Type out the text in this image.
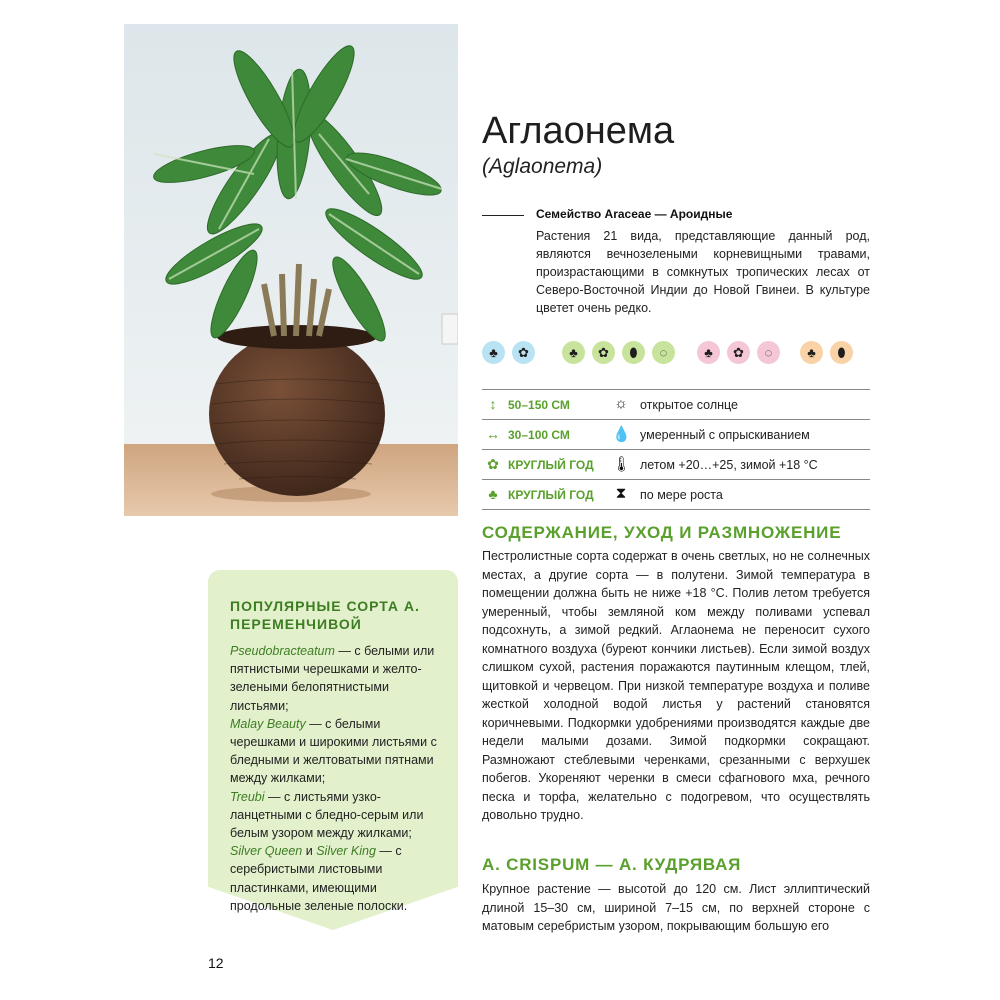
Аглаонема
(Aglaonema)
Семейство Araceae — Ароидные
Растения 21 вида, представляющие данный род, являются вечнозелеными корневищными травами, произрастающими в сомкнутых тропических лесах от Северо-Восточной Индии до Новой Гвинеи. В культуре цветет очень редко.
♣	✿	♣	✿	⬮	◌	♣	✿	◌	♣	⬮
↕ 50–150 СМ	☼ открытое солнце
↔ 30–100 СМ	💧 умеренный с опрыскиванием
✿ КРУГЛЫЙ ГОД 🌡 летом +20…+25, зимой +18 °C
♣ КРУГЛЫЙ ГОД ⧗ по мере роста
СОДЕРЖАНИЕ, УХОД И РАЗМНОЖЕНИЕ
Пестролистные сорта содержат в очень светлых, но не солнечных местах, а другие сорта — в полутени. Зимой температура в помещении должна быть не ниже +18 °C. Полив летом требуется умеренный, чтобы земляной ком между поливами успевал подсохнуть, а зимой редкий. Аглаонема не переносит сухого комнатного воздуха (буреют кончики листьев). Если зимой воздух слишком сухой, растения поражаются паутинным клещом, тлей, щитовкой и червецом. При низкой температуре воздуха и поливе жесткой холодной водой листья у растений становятся коричневыми. Подкормки удобрениями производятся каждые две недели малыми дозами. Зимой подкормки сокращают. Размножают стеблевыми черенками, срезанными с верхушек побегов. Укореняют черенки в смеси сфагнового мха, речного песка и торфа, желательно с подогревом, что осуществлять довольно трудно.
A. CRISPUM — А. КУДРЯВАЯ
Крупное растение — высотой до 120 см. Лист эллиптический длиной 15–30 см, шириной 7–15 см, по верхней стороне с матовым серебристым узором, покрывающим большую его
ПОПУЛЯРНЫЕ СОРТА А. ПЕРЕМЕНЧИВОЙ

Pseudobracteatum — с белыми или пятнистыми черешками и желто-зелеными белопятнистыми листьями;

Malay Beauty — с белыми черешками и широкими листьями с бледными и желтоватыми пятнами между жилками;

Treubi — с листьями узко-ланцетными с бледно-серым или белым узором между жилками;

Silver Queen и Silver King — с серебристыми листовыми пластинками, имеющими продольные зеленые полоски.

12
